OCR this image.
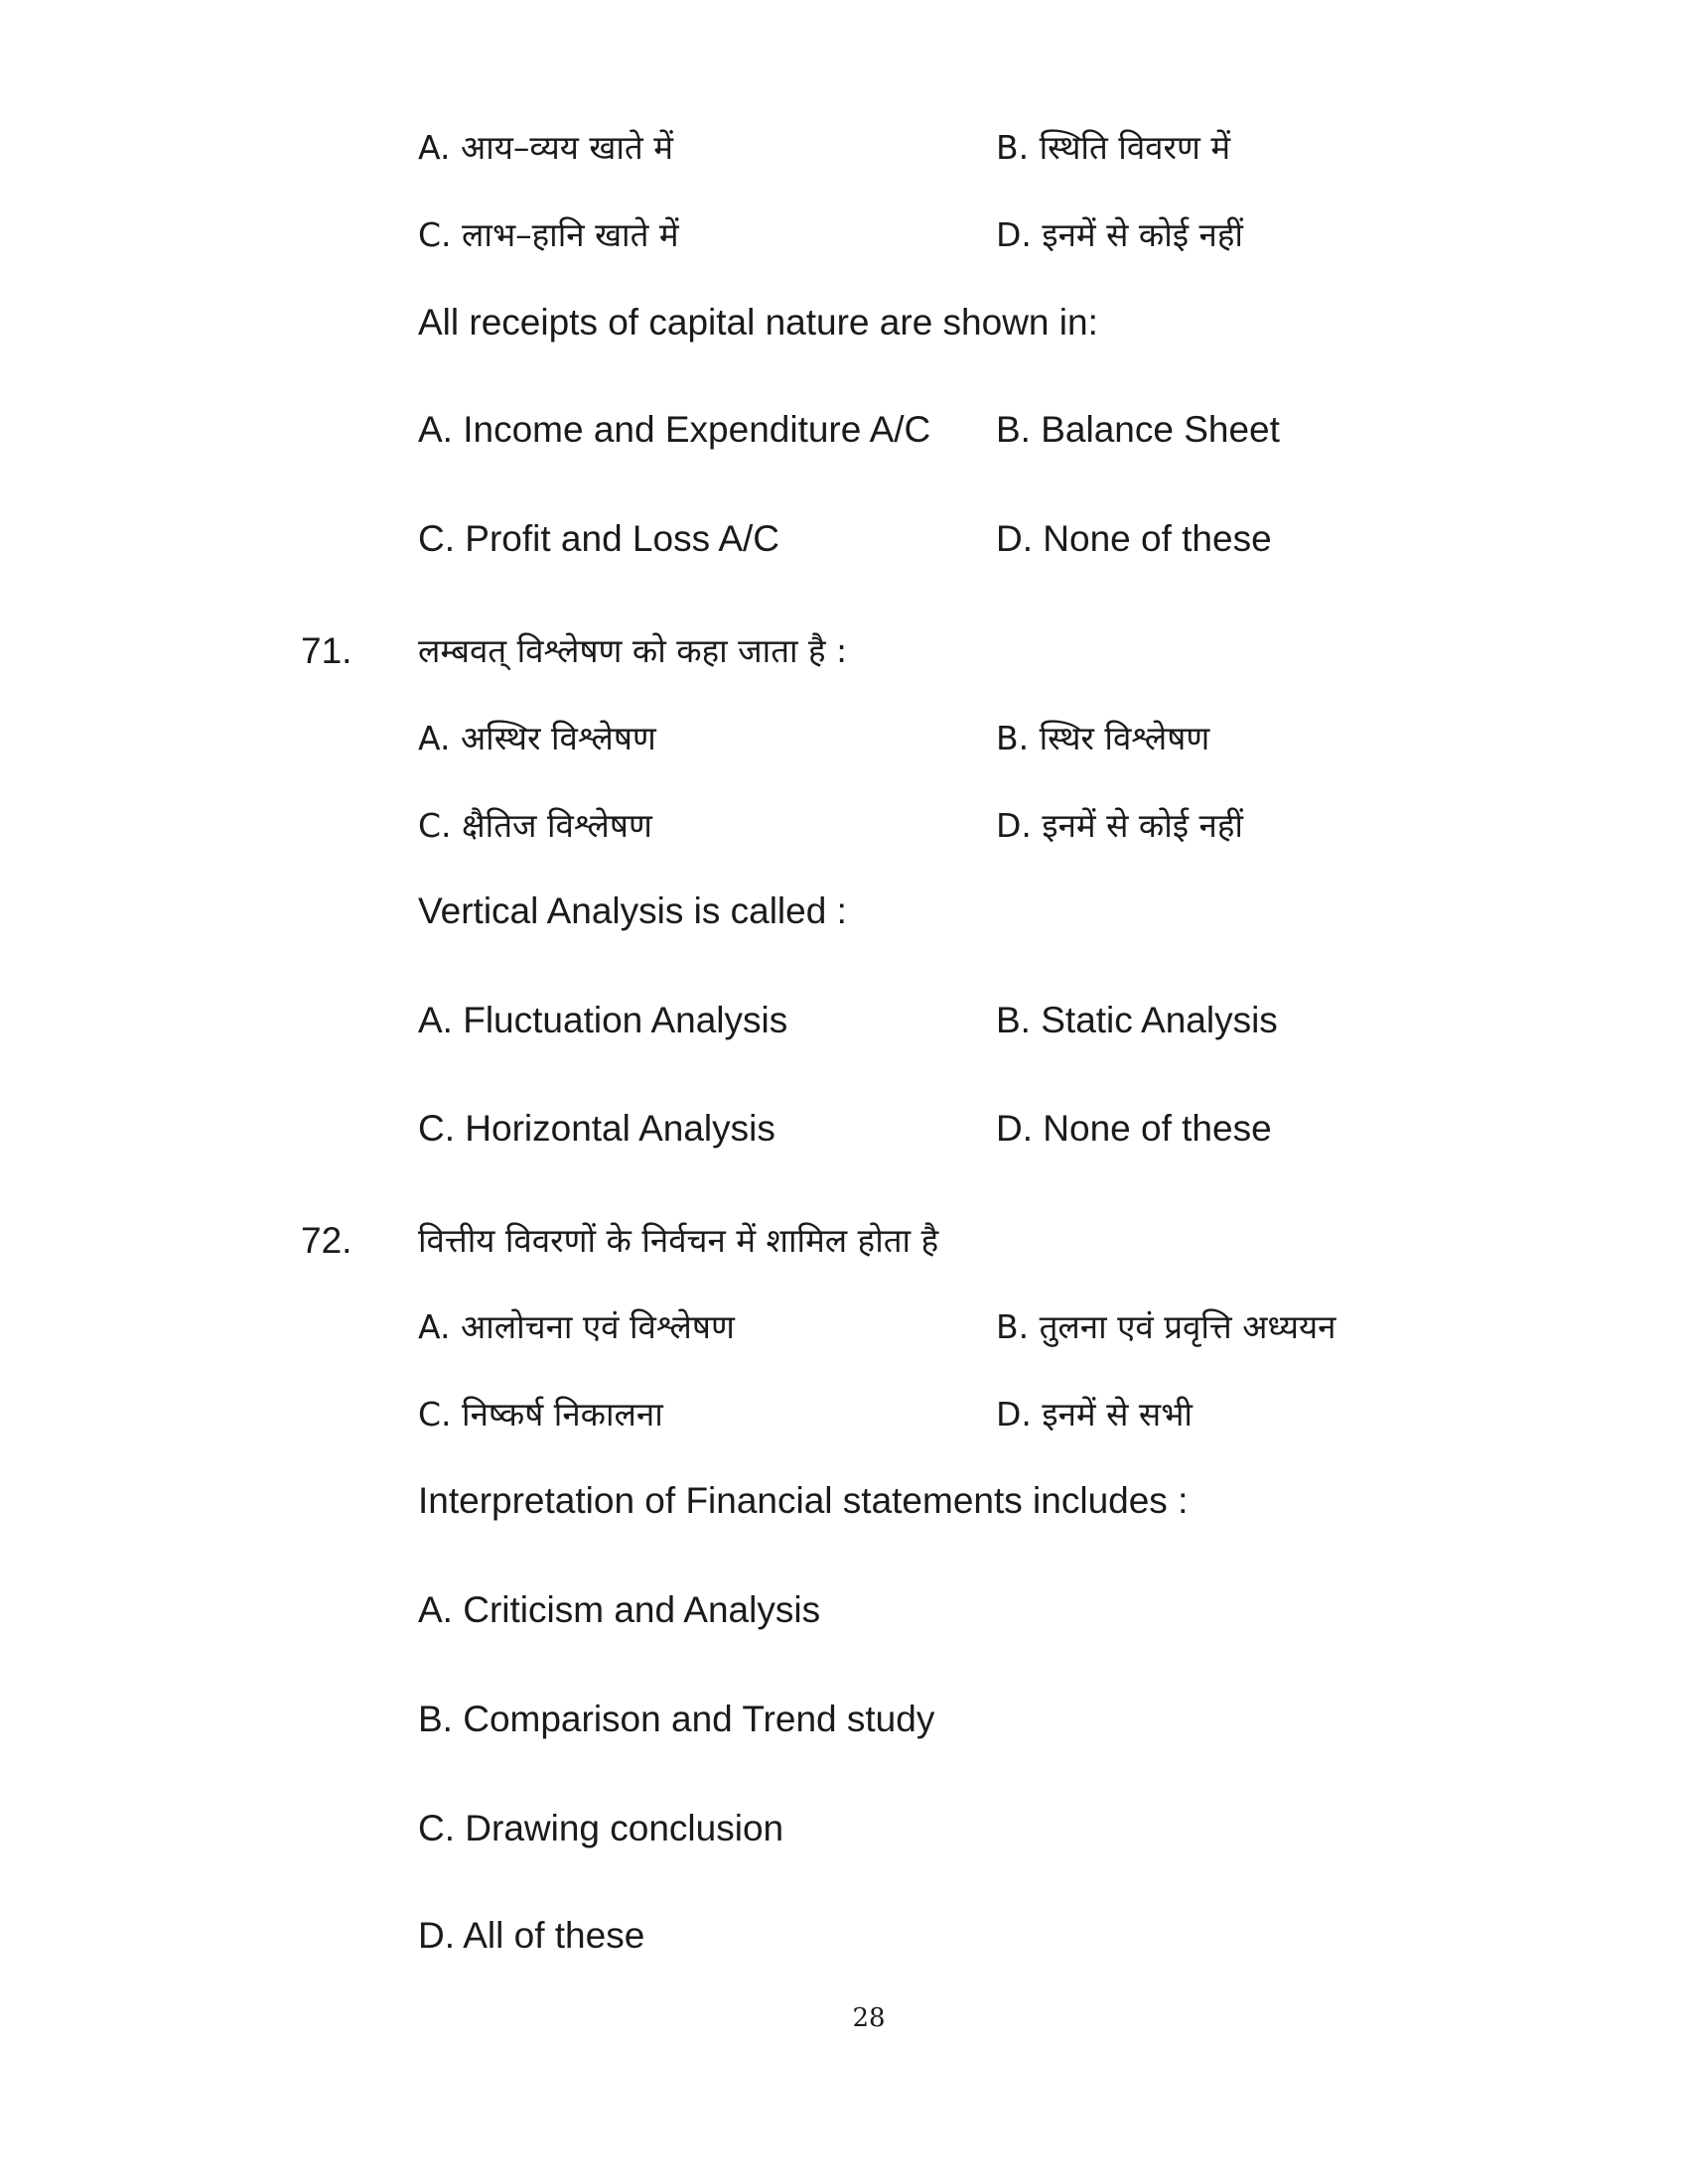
A. आय–व्यय खाते में	B. स्थिति विवरण में
C. लाभ–हानि खाते में	D. इनमें से कोई नहीं
All receipts of capital nature are shown in:
A. Income and Expenditure A/C B. Balance Sheet
C. Profit and Loss A/C	D. None of these
71. लम्बवत् विश्लेषण को कहा जाता है :
A. अस्थिर विश्लेषण	B. स्थिर विश्लेषण
C. क्षैतिज विश्लेषण	D. इनमें से कोई नहीं
Vertical Analysis is called :
A. Fluctuation Analysis	B. Static Analysis
C. Horizontal Analysis	D. None of these
72. वित्तीय विवरणों के निर्वचन में शामिल होता है
A. आलोचना एवं विश्लेषण	B. तुलना एवं प्रवृत्ति अध्ययन
C. निष्कर्ष निकालना	D. इनमें से सभी
Interpretation of Financial statements includes :
A. Criticism and Analysis
B. Comparison and Trend study
C. Drawing conclusion
D. All of these
28
